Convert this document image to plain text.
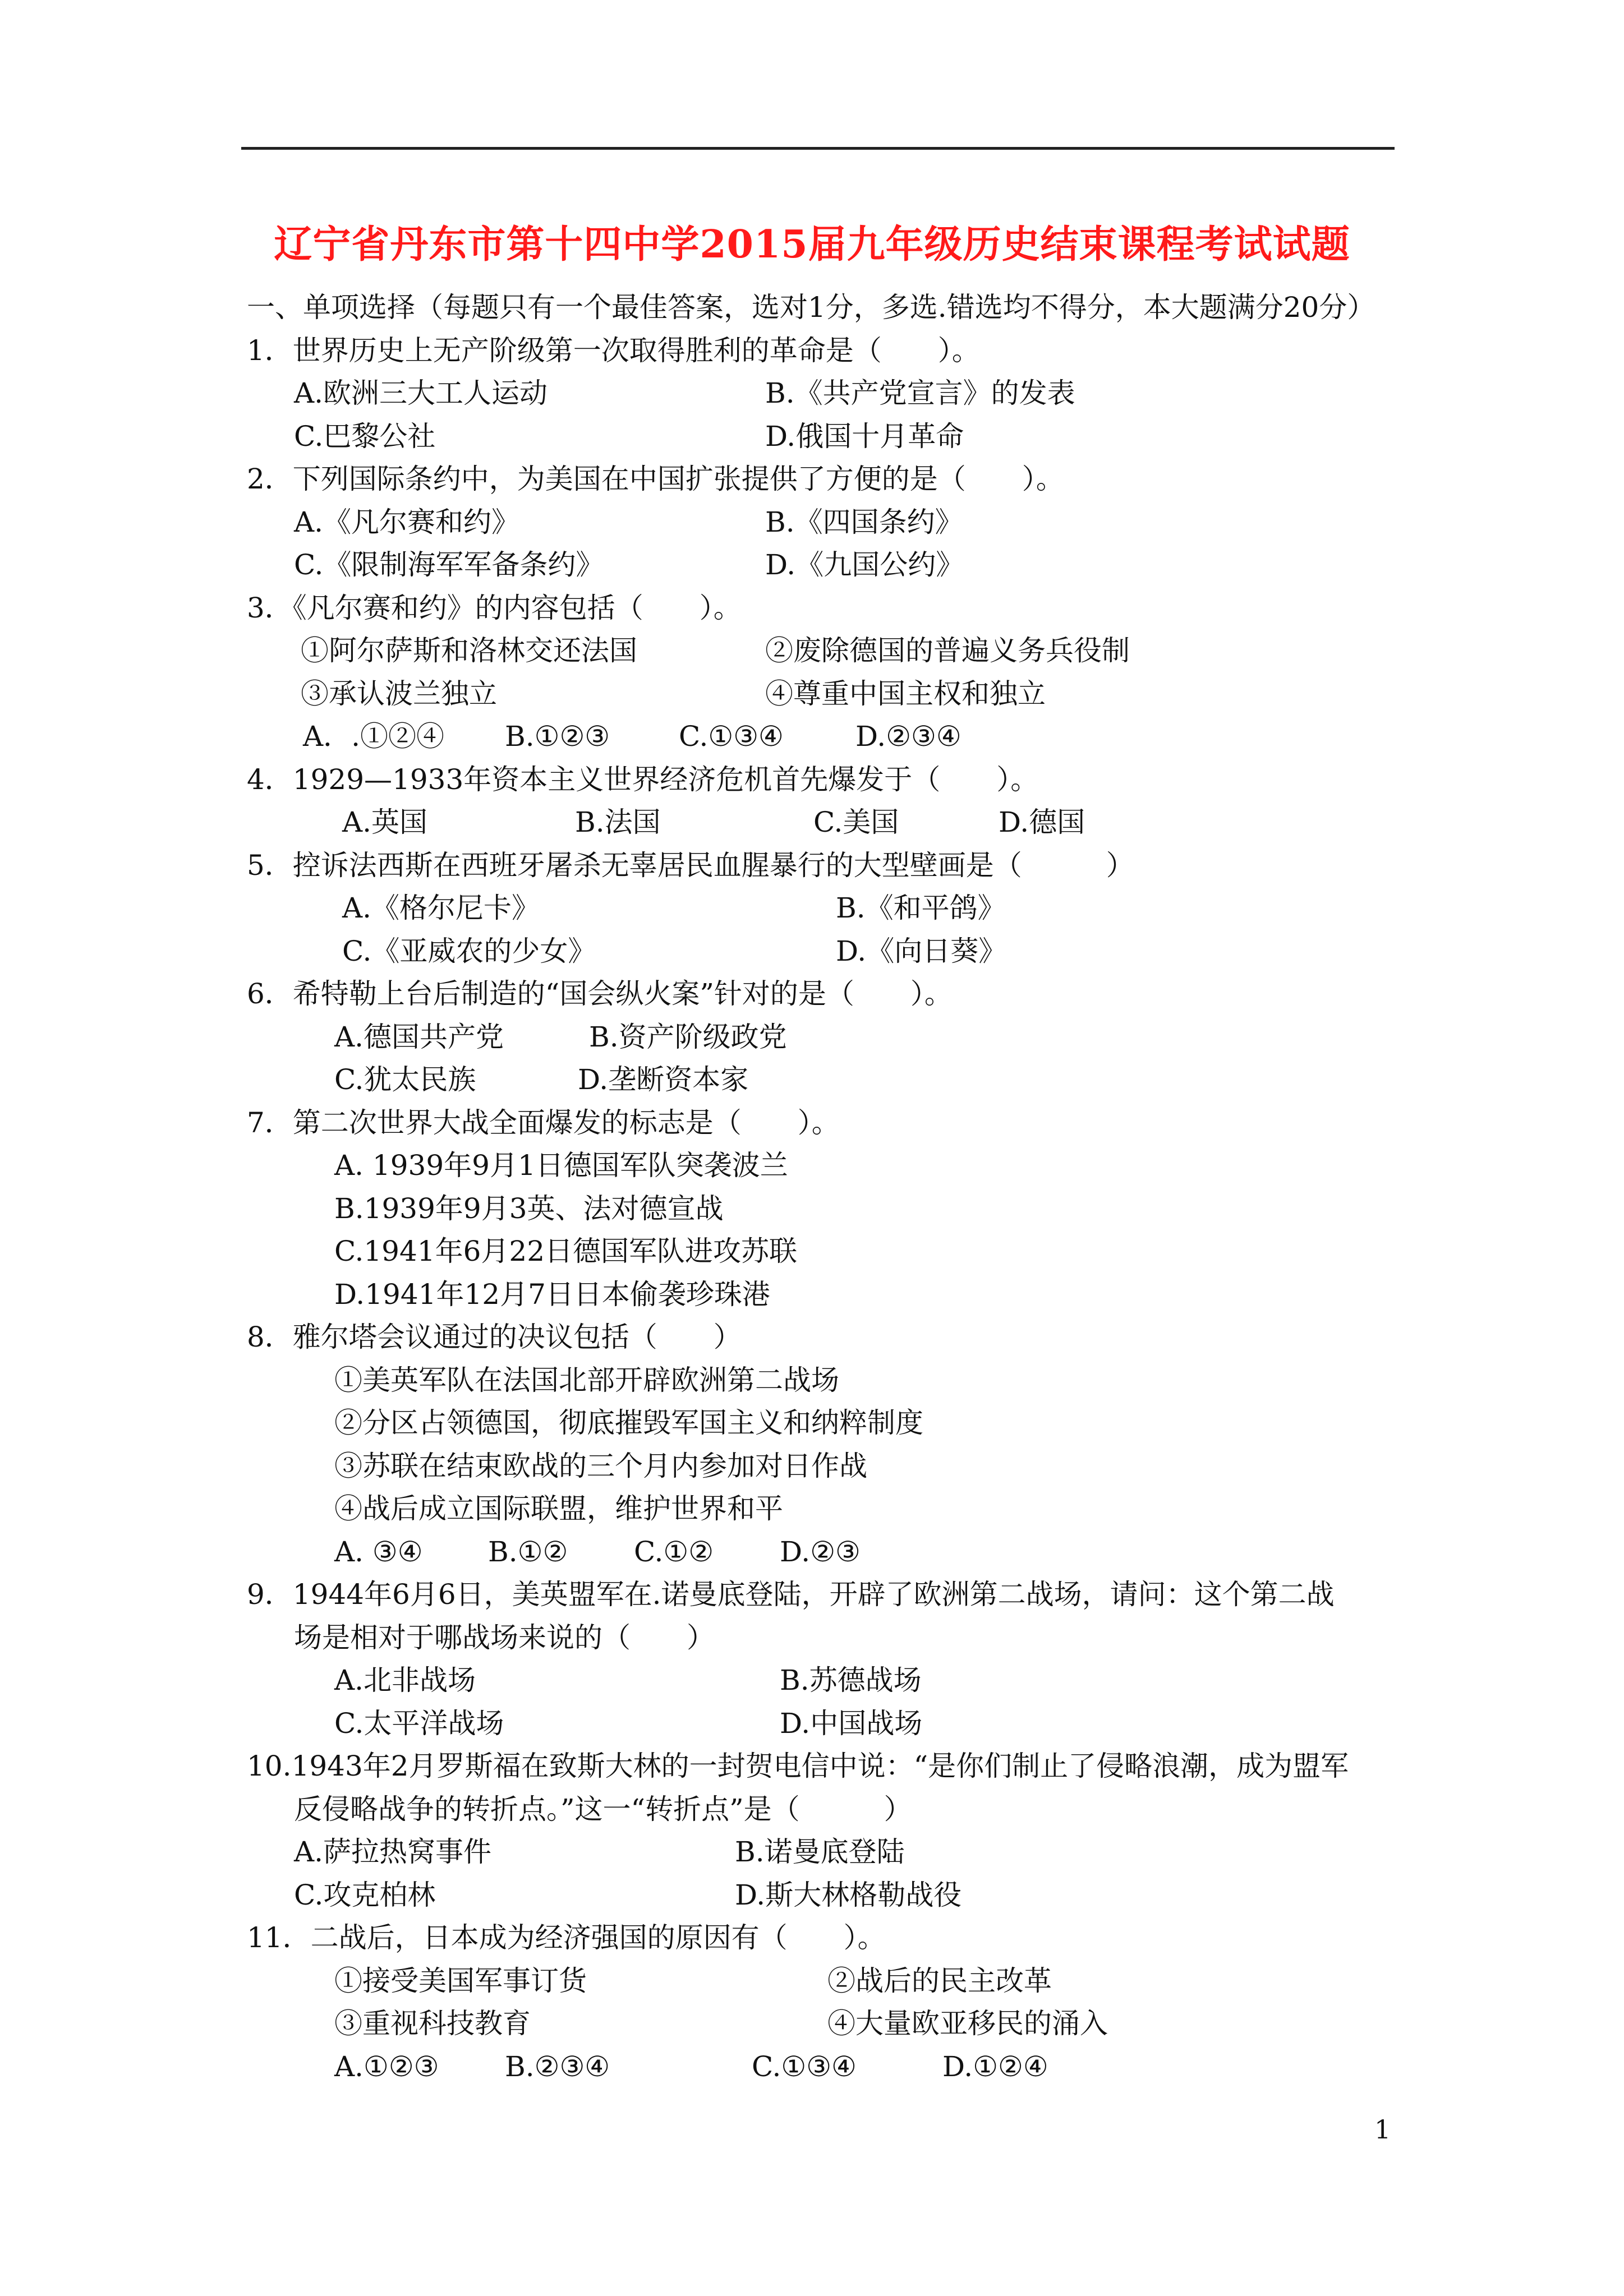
辽宁省丹东市第十四中学2015届九年级历史结束课程考试试题
一、单项选择（每题只有一个最佳答案，选对1分，多选.错选均不得分，本大题满分20分）
1．世界历史上无产阶级第一次取得胜利的革命是（　　）。
A.欧洲三大工人运动	B.《共产党宣言》的发表
C.巴黎公社	D.俄国十月革命
2．下列国际条约中，为美国在中国扩张提供了方便的是（　　）。
A.《凡尔赛和约》	B.《四国条约》
C.《限制海军军备条约》	D.《九国公约》
3．《凡尔赛和约》的内容包括（　　）。
①阿尔萨斯和洛林交还法国	②废除德国的普遍义务兵役制
③承认波兰独立	④尊重中国主权和独立
A．.①②④ B.①②③ C.①③④	D.②③④
4．1929—1933年资本主义世界经济危机首先爆发于（　　）。
A.英国	B.法国	C.美国	D.德国
5．控诉法西斯在西班牙屠杀无辜居民血腥暴行的大型壁画是（　　　）
A.《格尔尼卡》	B.《和平鸽》
C.《亚威农的少女》	D.《向日葵》
6．希特勒上台后制造的“国会纵火案”针对的是（　　）。
A.德国共产党	B.资产阶级政党
C.犹太民族	D.垄断资本家
7．第二次世界大战全面爆发的标志是（　　）。
A. 1939年9月1日德国军队突袭波兰
B.1939年9月3英、法对德宣战
C.1941年6月22日德国军队进攻苏联
D.1941年12月7日日本偷袭珍珠港
8．雅尔塔会议通过的决议包括（　　）
①美英军队在法国北部开辟欧洲第二战场
②分区占领德国，彻底摧毁军国主义和纳粹制度
③苏联在结束欧战的三个月内参加对日作战
④战后成立国际联盟，维护世界和平
A. ③④ B.①② C.①② D.②③
9．1944年6月6日，美英盟军在.诺曼底登陆，开辟了欧洲第二战场，请问：这个第二战
场是相对于哪战场来说的（　　）
A.北非战场	B.苏德战场
C.太平洋战场	D.中国战场
10.1943年2月罗斯福在致斯大林的一封贺电信中说：“是你们制止了侵略浪潮，成为盟军
反侵略战争的转折点。”这一“转折点”是（　　　）
A.萨拉热窝事件	B.诺曼底登陆
C.攻克柏林	D.斯大林格勒战役
11．二战后，日本成为经济强国的原因有（　　）。
①接受美国军事订货	②战后的民主改革
③重视科技教育	④大量欧亚移民的涌入
A.①②③ B.②③④	C.①③④	D.①②④
1
